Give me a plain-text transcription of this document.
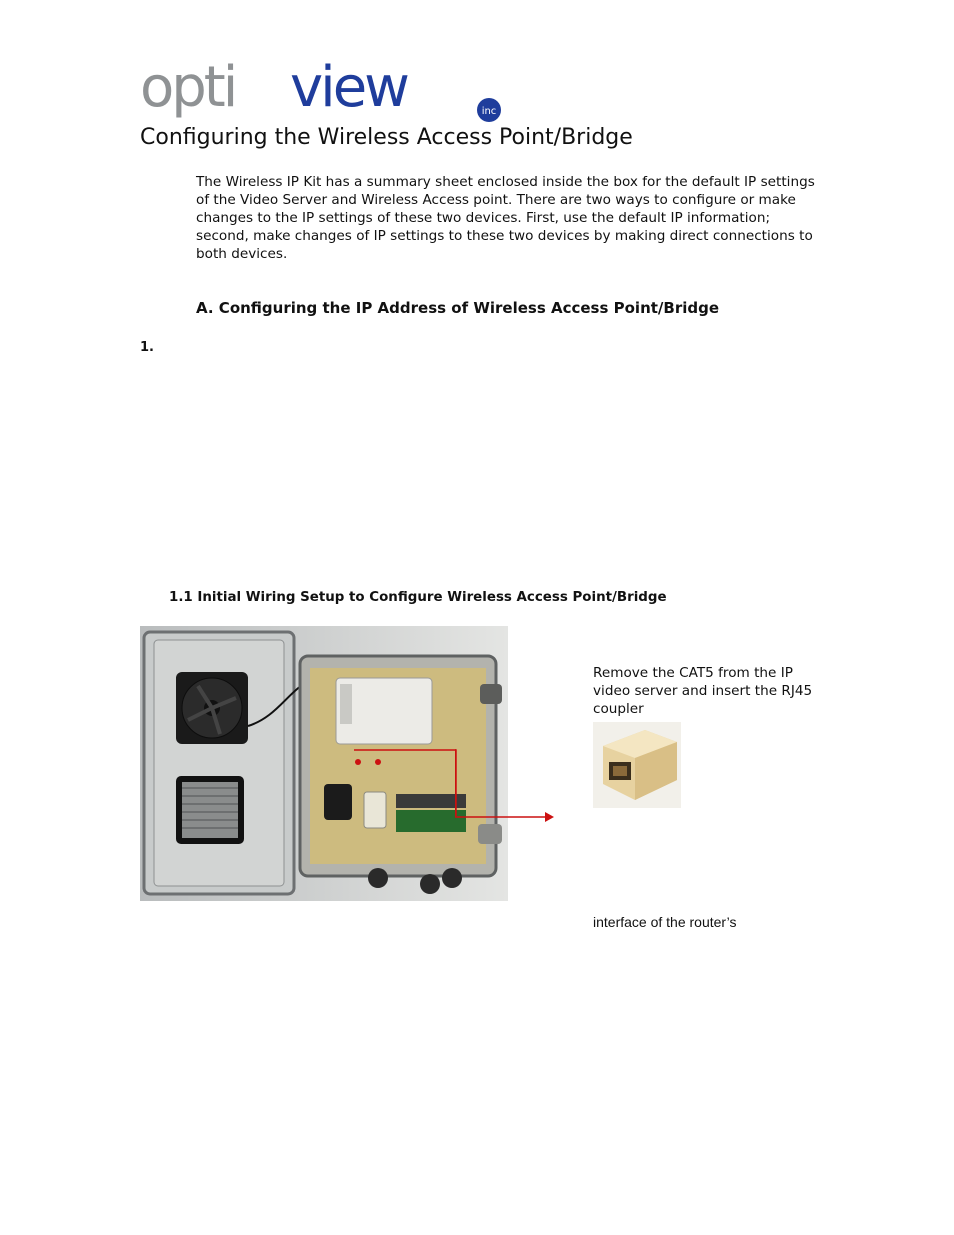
opti view	inc
Configuring the Wireless Access Point/Bridge

The Wireless IP Kit has a summary sheet enclosed inside the box for the default IP settings of the Video Server and Wireless Access point. There are two ways to configure or make changes to the IP settings of these two devices. First, use the default IP information; second, make changes of IP settings to these two devices by making direct connections to both devices.

A. Configuring the IP Address of Wireless Access Point/Bridge
1.
1.1 Initial Wiring Setup to Configure Wireless Access Point/Bridge

Remove the CAT5 from the IP video server and insert the RJ45 coupler

interface of the router’s
